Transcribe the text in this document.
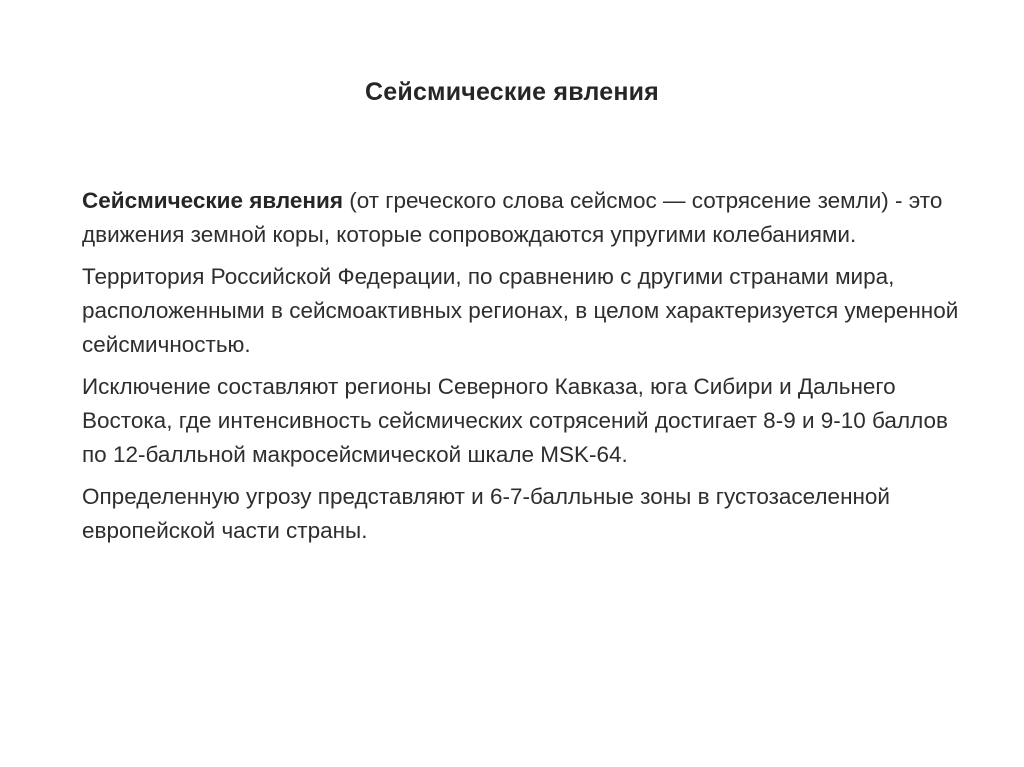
Сейсмические явления

Сейсмические явления (от греческого слова сейсмос — сотрясение земли) - это движения земной коры, которые сопровождаются упругими колебаниями.

Территория Российской Федерации, по сравнению с другими странами мира, расположенными в сейсмоактивных регионах, в целом характеризуется умеренной сейсмичностью.

Исключение составляют регионы Северного Кавказа, юга Сибири и Дальнего Востока, где интенсивность сейсмических сотрясений достигает 8-9 и 9-10 баллов по 12-балльной макросейсмической шкале MSK-64.

Определенную угрозу представляют и 6-7-балльные зоны в густозаселенной европейской части страны.
